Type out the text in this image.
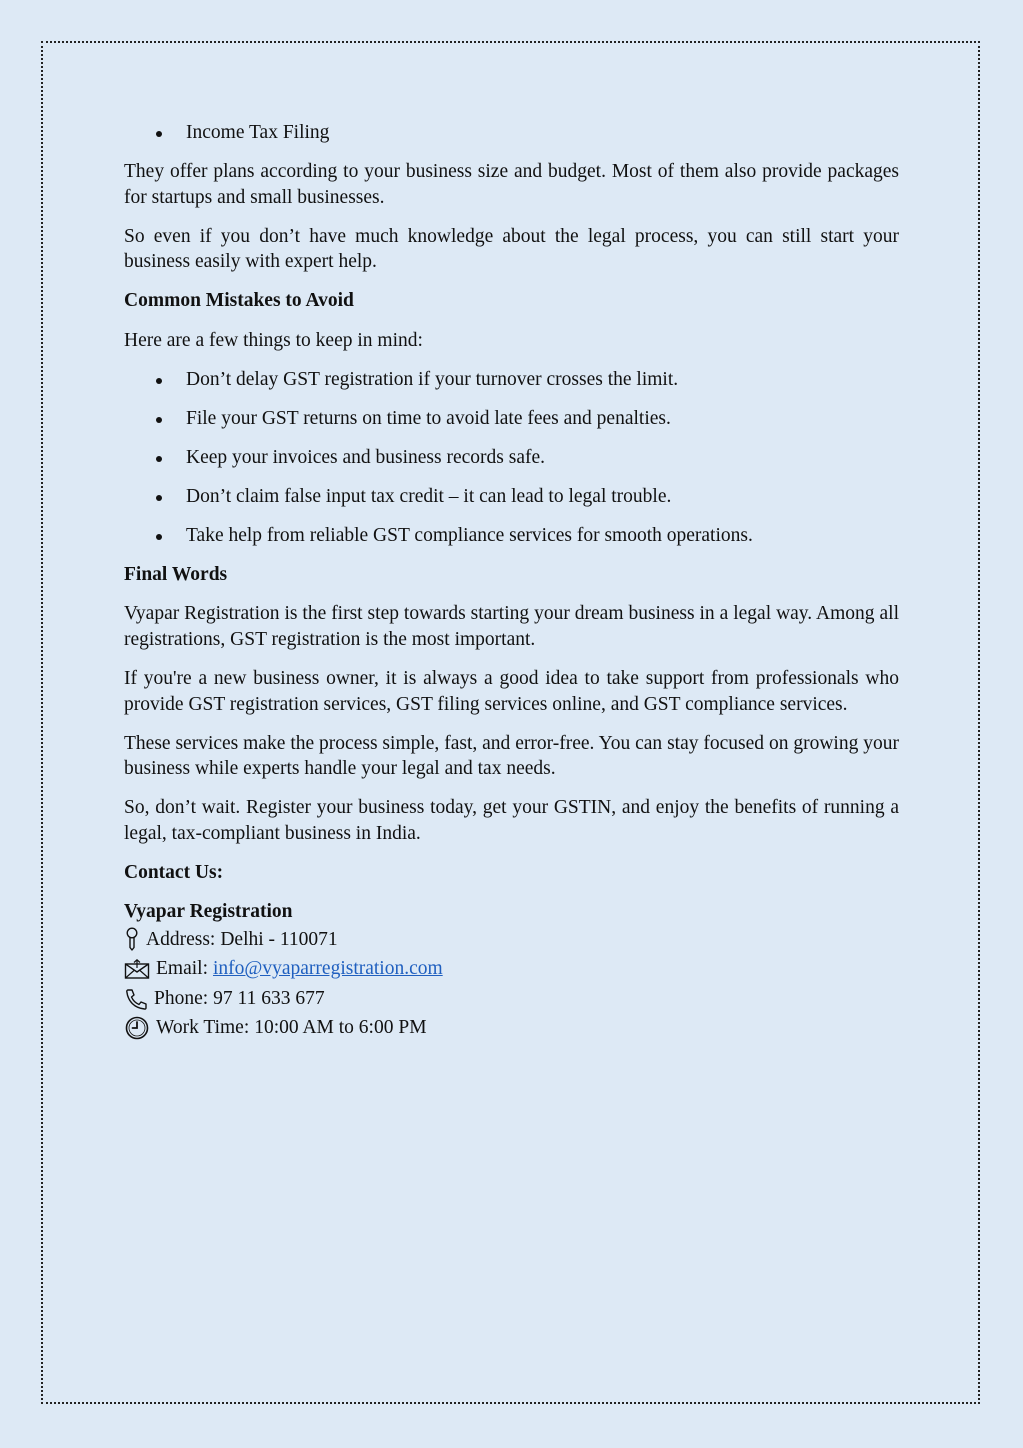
Income Tax Filing

They offer plans according to your business size and budget. Most of them also provide packages for startups and small businesses.

So even if you don’t have much knowledge about the legal process, you can still start your business easily with expert help.

Common Mistakes to Avoid

Here are a few things to keep in mind:

Don’t delay GST registration if your turnover crosses the limit.
File your GST returns on time to avoid late fees and penalties.
Keep your invoices and business records safe.
Don’t claim false input tax credit – it can lead to legal trouble.
Take help from reliable GST compliance services for smooth operations.
Final Words

Vyapar Registration is the first step towards starting your dream business in a legal way. Among all registrations, GST registration is the most important.

If you're a new business owner, it is always a good idea to take support from professionals who provide GST registration services, GST filing services online, and GST compliance services.

These services make the process simple, fast, and error-free. You can stay focused on growing your business while experts handle your legal and tax needs.

So, don’t wait. Register your business today, get your GSTIN, and enjoy the benefits of running a legal, tax-compliant business in India.

Contact Us:
Vyapar Registration
Address: Delhi - 110071
Email: info@vyaparregistration.com
Phone: 97 11 633 677
Work Time: 10:00 AM to 6:00 PM
